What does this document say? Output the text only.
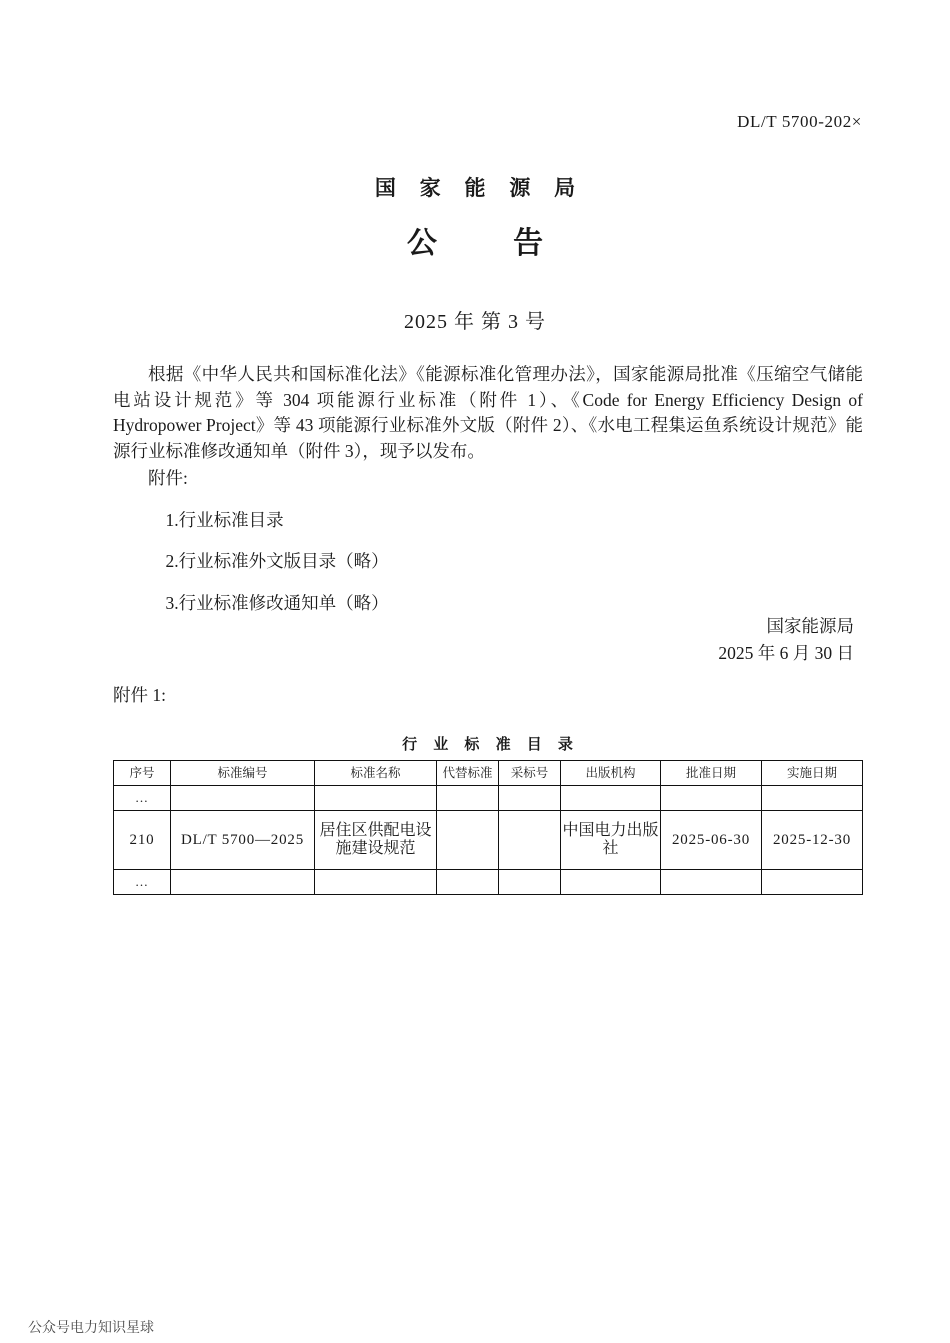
DL/T 5700-202×
国 家 能 源 局
公 告
2025 年 第 3 号

根据《中华人民共和国标准化法》《能源标准化管理办法》，国家能源局批准《压缩空气储能电站设计规范》等 304 项能源行业标准（附件 1）、《Code for Energy Efficiency Design of Hydropower Project》等 43 项能源行业标准外文版（附件 2）、《水电工程集运鱼系统设计规范》能源行业标准修改通知单（附件 3），现予以发布。

附件:

1.行业标准目录

2.行业标准外文版目录（略）

3.行业标准修改通知单（略）

国家能源局
2025 年 6 月 30 日
附件 1:
行 业 标 准 目 录
序号	标准编号	标准名称	代替标准	采标号	出版机构	批准日期	实施日期
…							
210	DL/T 5700—2025	居住区供配电设施建设规范			中国电力出版社	2025-06-30	2025-12-30
…							
公众号电力知识星球
